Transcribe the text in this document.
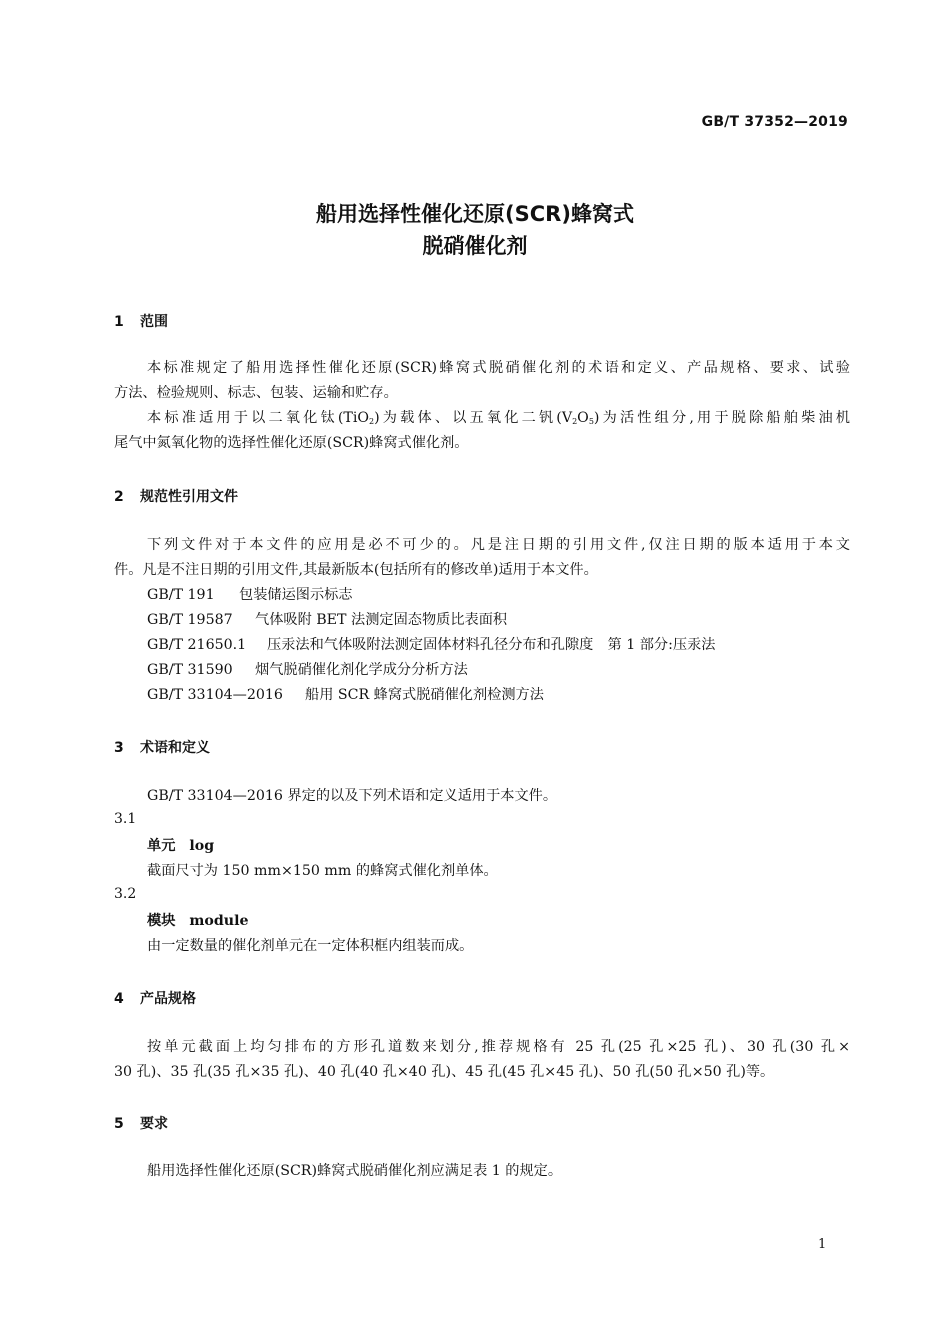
GB/T 37352—2019
船用选择性催化还原(SCR)蜂窝式
脱硝催化剂
1 范围
本标准规定了船用选择性催化还原(SCR)蜂窝式脱硝催化剂的术语和定义、产品规格、要求、试验
方法、检验规则、标志、包装、运输和贮存。
本标准适用于以二氧化钛(TiO$_2$)为载体、以五氧化二钒$(V_2O_5)$为活性组分,用于脱除船舶柴油机
尾气中氮氧化物的选择性催化还原(SCR)蜂窝式催化剂。
2 规范性引用文件
下列文件对于本文件的应用是必不可少的。凡是注日期的引用文件,仅注日期的版本适用于本文
件。凡是不注日期的引用文件,其最新版本(包括所有的修改单)适用于本文件。
GB/T 191 包装储运图示标志
GB/T 19587 气体吸附 BET 法测定固态物质比表面积
GB/T 21650.1 压汞法和气体吸附法测定固体材料孔径分布和孔隙度　第 1 部分:压汞法
GB/T 31590 烟气脱硝催化剂化学成分分析方法
GB/T 33104—2016 船用 SCR 蜂窝式脱硝催化剂检测方法
3 术语和定义
GB/T 33104—2016 界定的以及下列术语和定义适用于本文件。
3.1
单元 log
截面尺寸为 150 mm×150 mm 的蜂窝式催化剂单体。
3.2
模块 module
由一定数量的催化剂单元在一定体积框内组装而成。
4 产品规格
按单元截面上均匀排布的方形孔道数来划分,推荐规格有 25 孔(25 孔×25 孔)、30 孔(30 孔×
30 孔)、35 孔(35 孔×35 孔)、40 孔(40 孔×40 孔)、45 孔(45 孔×45 孔)、50 孔(50 孔×50 孔)等。
5 要求
船用选择性催化还原(SCR)蜂窝式脱硝催化剂应满足表 1 的规定。
1
